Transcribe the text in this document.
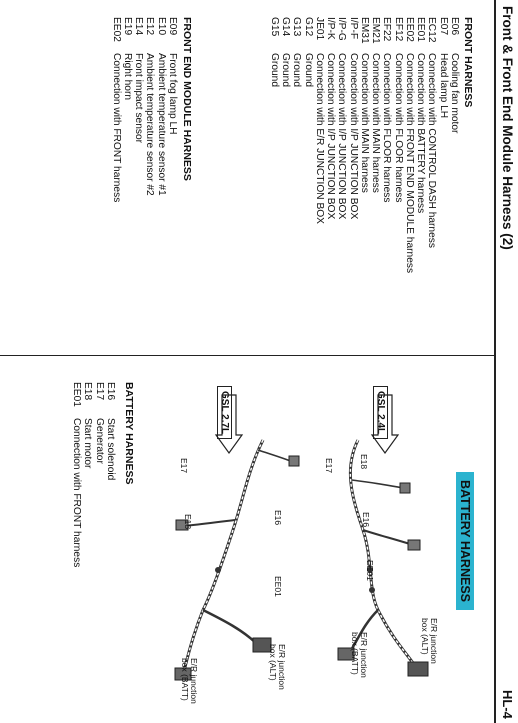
Front & Front End Module Harness (2)
HL-4
FRONT HARNESS
E06Cooling fan motor
E07Head lamp LH
EC12Connection with CONTROL DASH harness
EE01Connection with BATTERY harness
EE02Connection with FRONT END MODULE harness
EF12Connection with FLOOR harness
EF22Connection with FLOOR harness
EM21Connection with MAIN harness
EM31Connection with MAIN harness
I/P-FConnection with I/P JUNCTION BOX
I/P-GConnection with I/P JUNCTION BOX
I/P-KConnection with I/P JUNCTION BOX
JE01Connection with E/R JUNCTION BOX
G12Ground
G13Ground
G14Ground
G15Ground
FRONT END MODULE HARNESS
E09Front fog lamp LH
E10Ambient temperature sensor #1
E12Ambient temperature sensor #2
E14Front impact sensor
E19Right horn
EE02Connection with FRONT harness
BATTERY HARNESS
GSL 2.4L
E18
E16
EE01
E17
E/R junction
box (ALT)
E/R junction
box (BATT)
GSL 2.7L
E16
EE01
E17
E18
E/R junction
box (ALT)
E/R junction
box (BATT)
BATTERY HARNESS
E16Start solenoid
E17Generator
E18Start motor
EE01Connection with FRONT harness
